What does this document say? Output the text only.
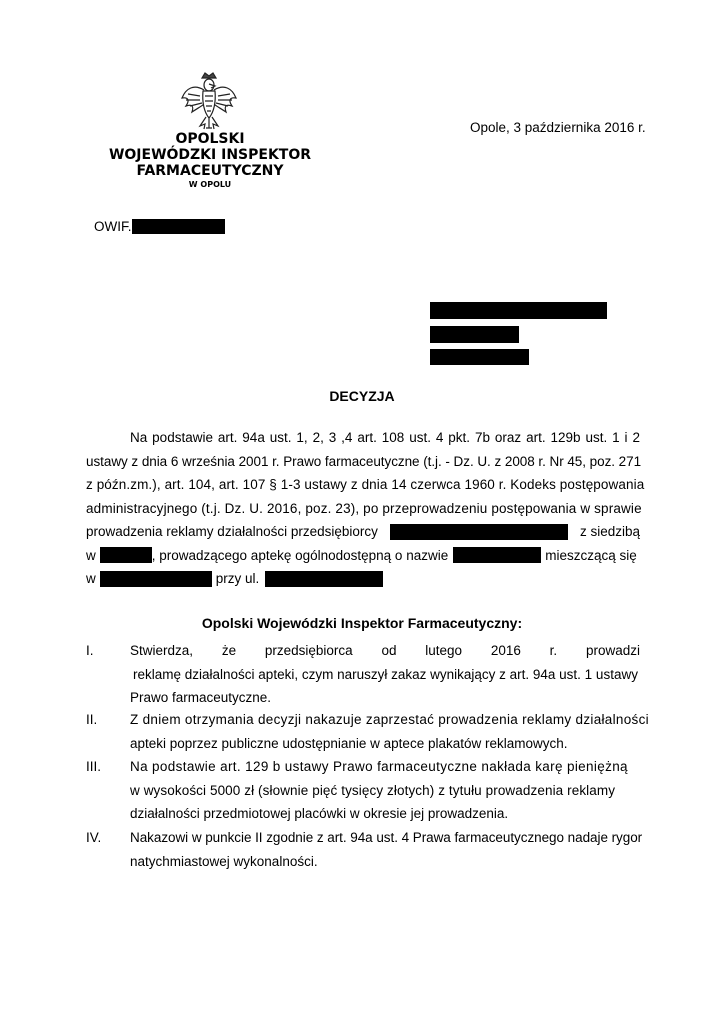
OPOLSKI
WOJEWÓDZKI INSPEKTOR
FARMACEUTYCZNY
W OPOLU
Opole, 3 października 2016 r.
OWIF.
DECYZJA
Na podstawie art. 94a ust. 1, 2, 3 ,4 art. 108 ust. 4 pkt. 7b oraz art. 129b ust. 1 i 2
ustawy z dnia 6 września 2001 r. Prawo farmaceutyczne (t.j. - Dz. U. z 2008 r. Nr 45, poz. 271
z późn.zm.), art. 104, art. 107 § 1-3 ustawy z dnia 14 czerwca 1960 r. Kodeks postępowania
administracyjnego (t.j. Dz. U. 2016, poz. 23), po przeprowadzeniu postępowania w sprawie
prowadzenia reklamy działalności przedsiębiorcy	z siedzibą
w	, prowadzącego aptekę ogólnodostępną o nazwie	mieszczącą się
w	przy ul.
Opolski Wojewódzki Inspektor Farmaceutyczny:
I.	Stwierdza, że przedsiębiorca od lutego 2016 r. prowadzi
reklamę działalności apteki, czym naruszył zakaz wynikający z art. 94a ust. 1 ustawy
Prawo farmaceutyczne.
II. Z dniem otrzymania decyzji nakazuje zaprzestać prowadzenia reklamy działalności
apteki poprzez publiczne udostępnianie w aptece plakatów reklamowych.
III. Na podstawie art. 129 b ustawy Prawo farmaceutyczne nakłada karę pieniężną
w wysokości 5000 zł (słownie pięć tysięcy złotych) z tytułu prowadzenia reklamy
działalności przedmiotowej placówki w okresie jej prowadzenia.
IV. Nakazowi w punkcie II zgodnie z art. 94a ust. 4 Prawa farmaceutycznego nadaje rygor
natychmiastowej wykonalności.
